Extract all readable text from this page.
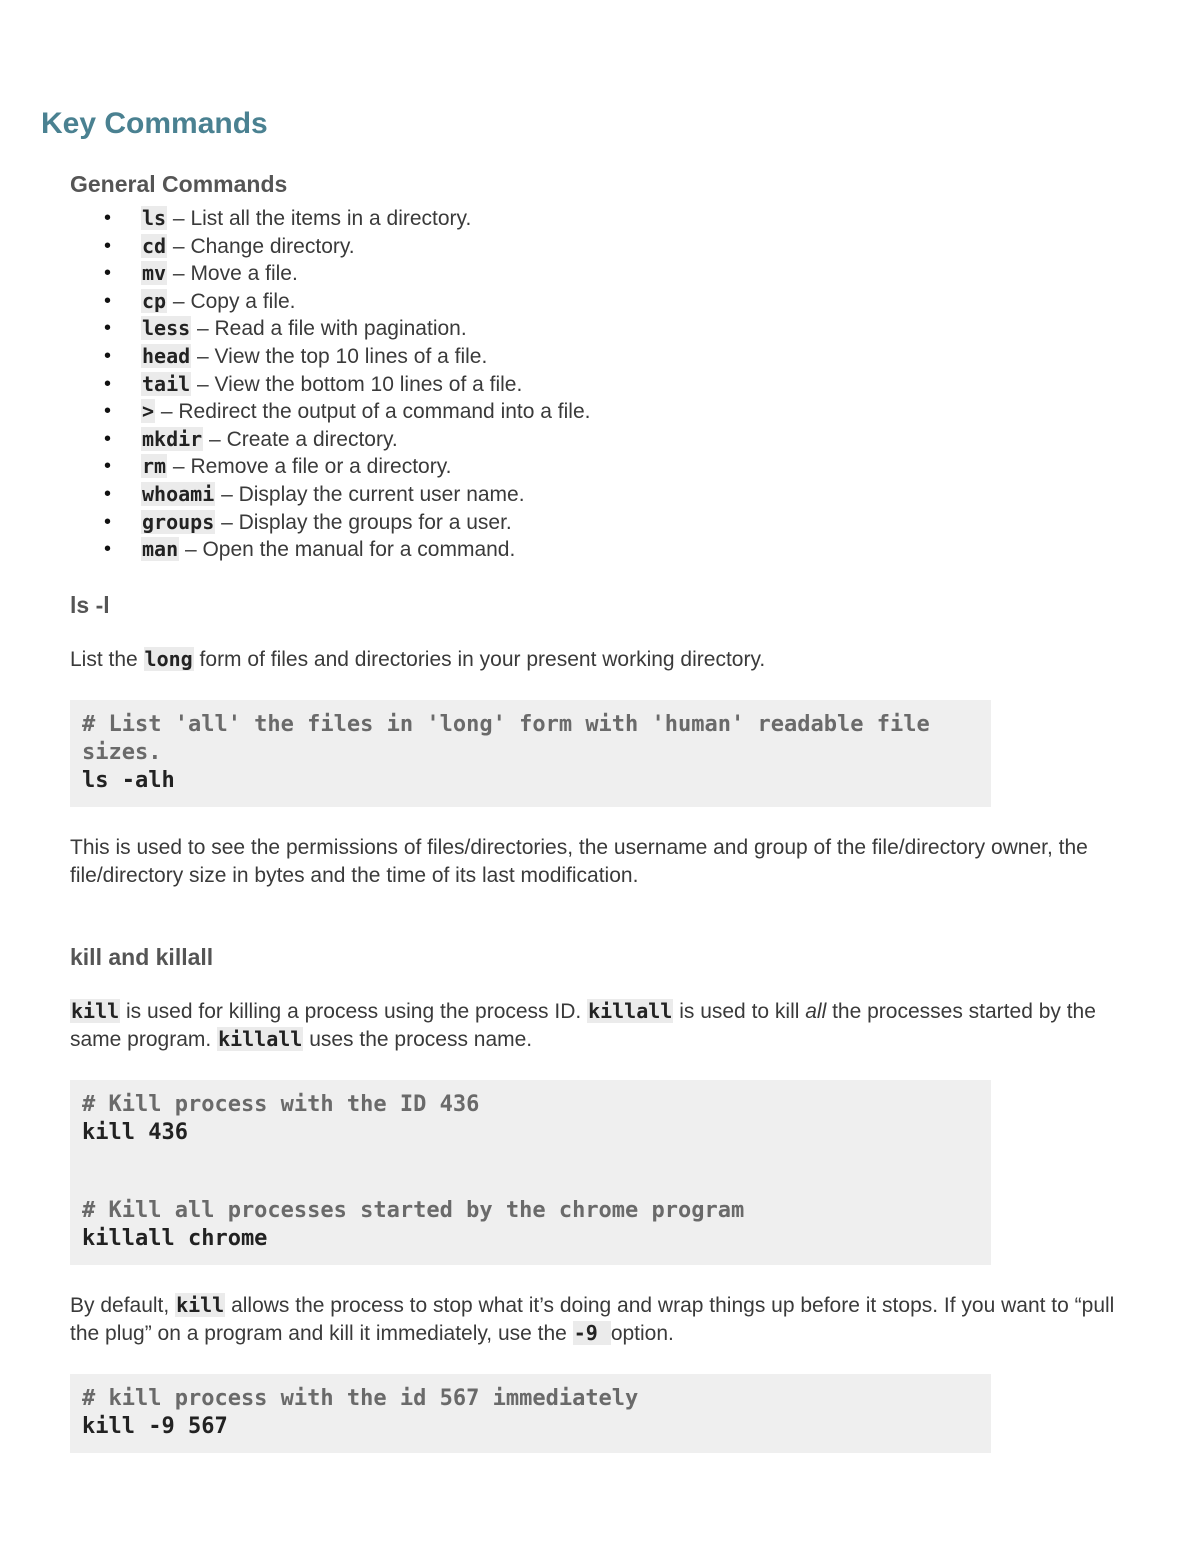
Key Commands
General Commands
• ls – List all the items in a directory.
• cd – Change directory.
• mv – Move a file.
• cp – Copy a file.
• less – Read a file with pagination.
• head – View the top 10 lines of a file.
• tail – View the bottom 10 lines of a file.
• > – Redirect the output of a command into a file.
• mkdir – Create a directory.
• rm – Remove a file or a directory.
• whoami – Display the current user name.
• groups – Display the groups for a user.
• man – Open the manual for a command.
ls -l

List the long form of files and directories in your present working directory.

# List 'all' the files in 'long' form with 'human' readable file sizes.
ls -alh

This is used to see the permissions of files/directories, the username and group of the file/directory owner, the file/directory size in bytes and the time of its last modification.

kill and killall

kill is used for killing a process using the process ID. killall is used to kill all the processes started by the same program. killall uses the process name.

# Kill process with the ID 436
kill 436
# Kill all processes started by the chrome program
killall chrome

By default, kill allows the process to stop what it’s doing and wrap things up before it stops. If you want to “pull the plug” on a program and kill it immediately, use the -9 option.

# kill process with the id 567 immediately
kill -9 567
